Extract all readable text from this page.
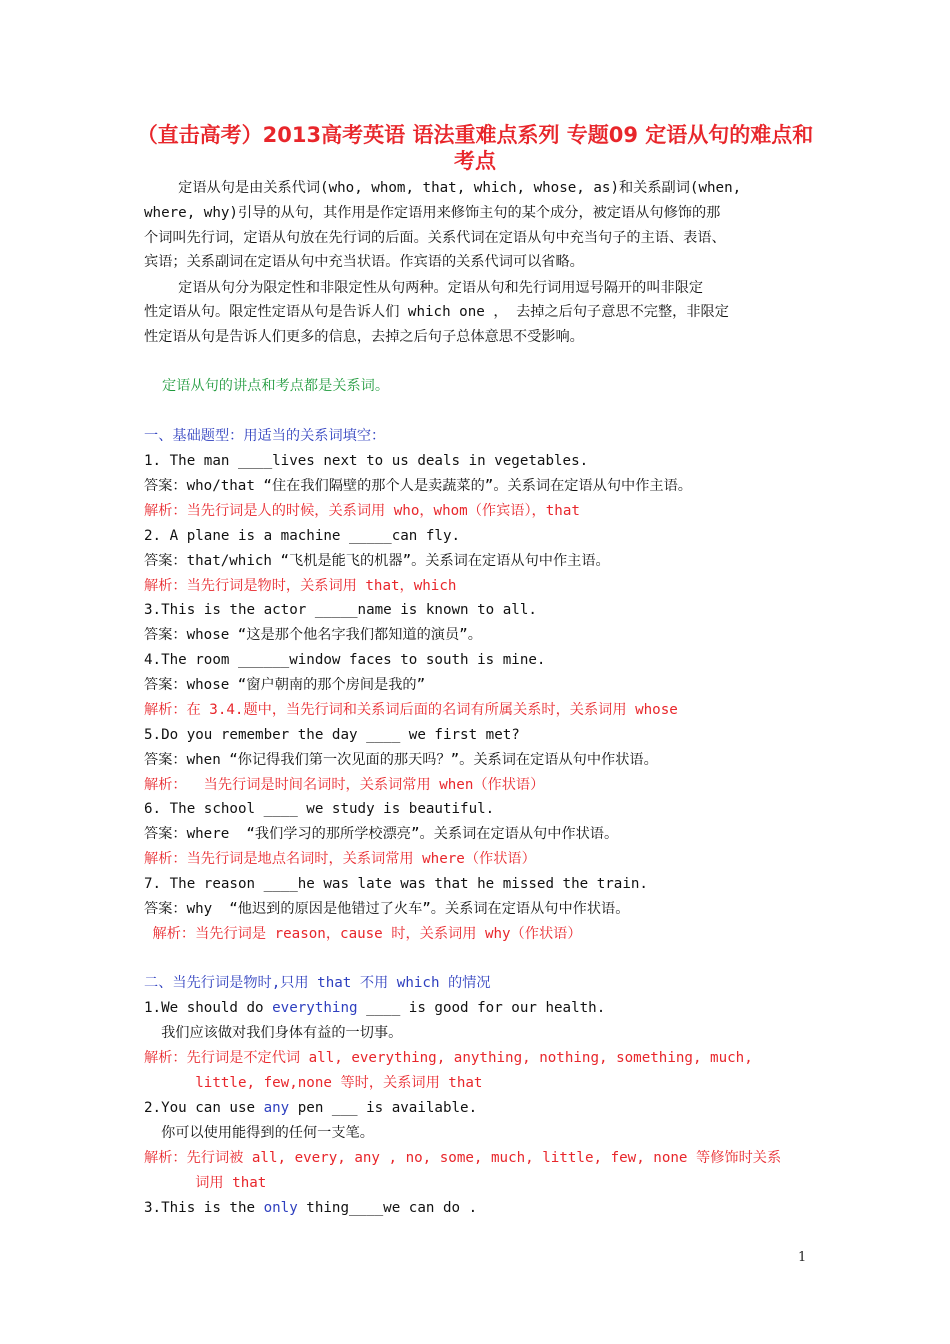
（直击高考）2013高考英语 语法重难点系列 专题09 定语从句的难点和考点
定语从句是由关系代词(who, whom, that, which, whose, as)和关系副词(when,
where, why)引导的从句，其作用是作定语用来修饰主句的某个成分，被定语从句修饰的那
个词叫先行词，定语从句放在先行词的后面。关系代词在定语从句中充当句子的主语、表语、
宾语；关系副词在定语从句中充当状语。作宾语的关系代词可以省略。
定语从句分为限定性和非限定性从句两种。定语从句和先行词用逗号隔开的叫非限定
性定语从句。限定性定语从句是告诉人们 which one ， 去掉之后句子意思不完整，非限定
性定语从句是告诉人们更多的信息，去掉之后句子总体意思不受影响。
定语从句的讲点和考点都是关系词。
一、基础题型：用适当的关系词填空：
1. The man ____lives next to us deals in vegetables.
答案：who/that “住在我们隔壁的那个人是卖蔬菜的”。关系词在定语从句中作主语。
解析：当先行词是人的时候，关系词用 who，whom（作宾语），that
2. A plane is a machine _____can fly.
答案：that/which “飞机是能飞的机器”。关系词在定语从句中作主语。
解析：当先行词是物时，关系词用 that，which
3.This is the actor _____name is known to all.
答案：whose “这是那个他名字我们都知道的演员”。
4.The room ______window faces to south is mine.
答案：whose “窗户朝南的那个房间是我的”
解析：在 3.4.题中，当先行词和关系词后面的名词有所属关系时，关系词用 whose
5.Do you remember the day ____ we first met?
答案：when “你记得我们第一次见面的那天吗？”。关系词在定语从句中作状语。
解析：  当先行词是时间名词时，关系词常用 when（作状语）
6. The school ____ we study is beautiful.
答案：where  “我们学习的那所学校漂亮”。关系词在定语从句中作状语。
解析：当先行词是地点名词时，关系词常用 where（作状语）
7. The reason ____he was late was that he missed the train.
答案：why  “他迟到的原因是他错过了火车”。关系词在定语从句中作状语。
解析：当先行词是 reason，cause 时，关系词用 why（作状语）
二、当先行词是物时,只用 that 不用 which 的情况
1.We should do everything ____ is good for our health.
我们应该做对我们身体有益的一切事。
解析：先行词是不定代词 all, everything, anything, nothing, something, much,
little, few,none 等时，关系词用 that
2.You can use any pen ___ is available.
你可以使用能得到的任何一支笔。
解析：先行词被 all, every, any , no, some, much, little, few, none 等修饰时关系
词用 that
3.This is the only thing____we can do .
1
